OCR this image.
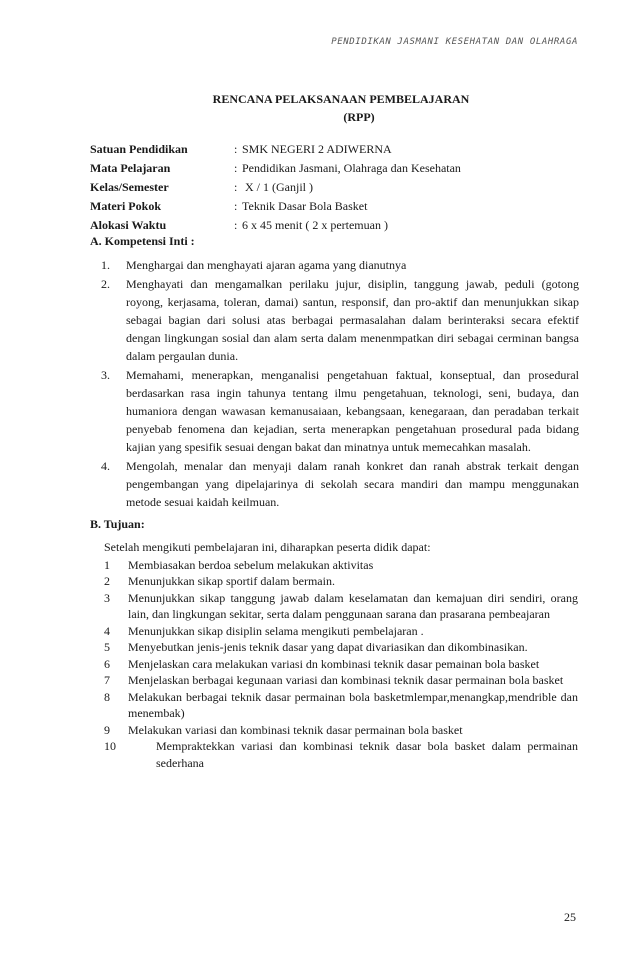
PENDIDIKAN JASMANI KESEHATAN DAN OLAHRAGA
RENCANA PELAKSANAAN PEMBELAJARAN
(RPP)
Satuan Pendidikan	: SMK NEGERI 2 ADIWERNA
Mata Pelajaran	: Pendidikan Jasmani, Olahraga dan Kesehatan
Kelas/Semester	: X / 1 (Ganjil )
Materi Pokok	: Teknik Dasar Bola Basket
Alokasi Waktu	: 6 x 45 menit ( 2 x pertemuan )
A. Kompetensi Inti :
1.	Menghargai dan menghayati ajaran agama yang dianutnya
2.	Menghayati dan mengamalkan perilaku jujur, disiplin, tanggung jawab, peduli (gotong royong, kerjasama, toleran, damai) santun, responsif, dan pro-aktif dan menunjukkan sikap sebagai bagian dari solusi atas berbagai permasalahan dalam berinteraksi secara efektif dengan lingkungan sosial dan alam serta dalam menenmpatkan diri sebagai cerminan bangsa dalam pergaulan dunia.
3.	Memahami, menerapkan, menganalisi pengetahuan faktual, konseptual, dan prosedural berdasarkan rasa ingin tahunya tentang ilmu pengetahuan, teknologi, seni, budaya, dan humaniora dengan wawasan kemanusaiaan, kebangsaan, kenegaraan, dan peradaban terkait penyebab fenomena dan kejadian, serta menerapkan pengetahuan prosedural pada bidang kajian yang spesifik sesuai dengan bakat dan minatnya untuk memecahkan masalah.
4.	Mengolah, menalar dan menyaji dalam ranah konkret dan ranah abstrak terkait dengan pengembangan yang dipelajarinya di sekolah secara mandiri dan mampu menggunakan metode sesuai kaidah keilmuan.
B. Tujuan:
Setelah mengikuti pembelajaran ini, diharapkan peserta didik dapat:
1	Membiasakan berdoa sebelum melakukan aktivitas
2	Menunjukkan sikap sportif dalam bermain.
3	Menunjukkan sikap tanggung jawab dalam keselamatan dan kemajuan diri sendiri, orang lain, dan lingkungan sekitar, serta dalam penggunaan sarana dan prasarana pembeajaran
4	Menunjukkan sikap disiplin selama mengikuti pembelajaran .
5	Menyebutkan jenis-jenis teknik dasar yang dapat divariasikan dan dikombinasikan.
6	Menjelaskan cara melakukan variasi dn kombinasi teknik dasar pemainan bola basket
7	Menjelaskan berbagai kegunaan variasi dan kombinasi teknik dasar permainan bola basket
8	Melakukan berbagai teknik dasar permainan bola basketmlempar,menangkap,mendrible dan menembak)
9	Melakukan variasi dan kombinasi teknik dasar permainan bola basket
10	Mempraktekkan variasi dan kombinasi teknik dasar bola basket dalam permainan sederhana
25
